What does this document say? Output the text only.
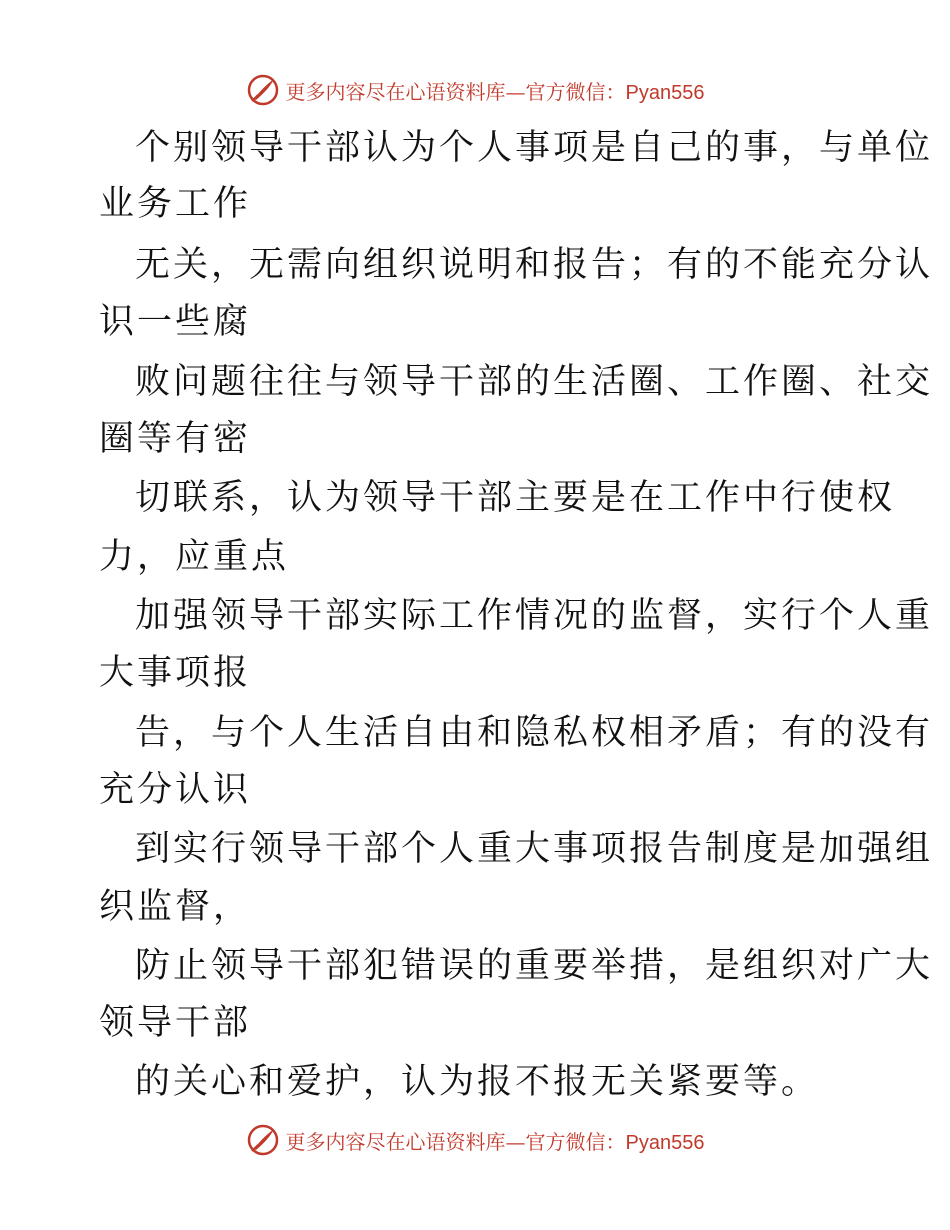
更多内容尽在心语资料库—官方微信：Pyan556
个别领导干部认为个人事项是自己的事，与单位
业务工作
无关，无需向组织说明和报告；有的不能充分认
识一些腐
败问题往往与领导干部的生活圈、工作圈、社交
圈等有密
切联系，认为领导干部主要是在工作中行使权
力，应重点
加强领导干部实际工作情况的监督，实行个人重
大事项报
告，与个人生活自由和隐私权相矛盾；有的没有
充分认识
到实行领导干部个人重大事项报告制度是加强组
织监督，
防止领导干部犯错误的重要举措，是组织对广大
领导干部
的关心和爱护，认为报不报无关紧要等。
更多内容尽在心语资料库—官方微信：Pyan556
